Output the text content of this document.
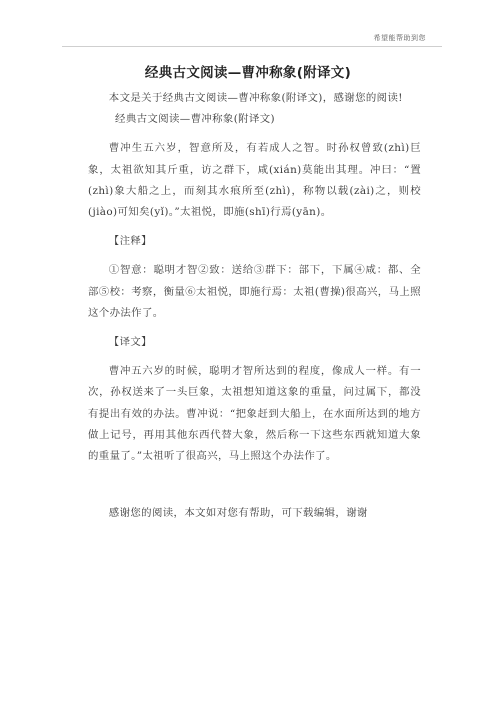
希望能帮助到您
经典古文阅读—曹冲称象(附译文)

本文是关于经典古文阅读—曹冲称象(附译文)，感谢您的阅读!

经典古文阅读—曹冲称象(附译文)

曹冲生五六岁，智意所及，有若成人之智。时孙权曾致(zhì)巨象，太祖欲知其斤重，访之群下，咸(xián)莫能出其理。冲曰：“置(zhì)象大船之上，而刻其水痕所至(zhì)，称物以载(zài)之，则校(jiào)可知矣(yǐ)。”太祖悦，即施(shī)行焉(yān)。

【注释】

①智意：聪明才智②致：送给③群下：部下，下属④咸：都、全部⑤校：考察，衡量⑥太祖悦，即施行焉：太祖(曹操)很高兴，马上照这个办法作了。

【译文】

曹冲五六岁的时候，聪明才智所达到的程度，像成人一样。有一次，孙权送来了一头巨象，太祖想知道这象的重量，问过属下，都没有提出有效的办法。曹冲说：“把象赶到大船上，在水面所达到的地方做上记号，再用其他东西代替大象，然后称一下这些东西就知道大象的重量了。”太祖听了很高兴，马上照这个办法作了。

感谢您的阅读，本文如对您有帮助，可下载编辑，谢谢
